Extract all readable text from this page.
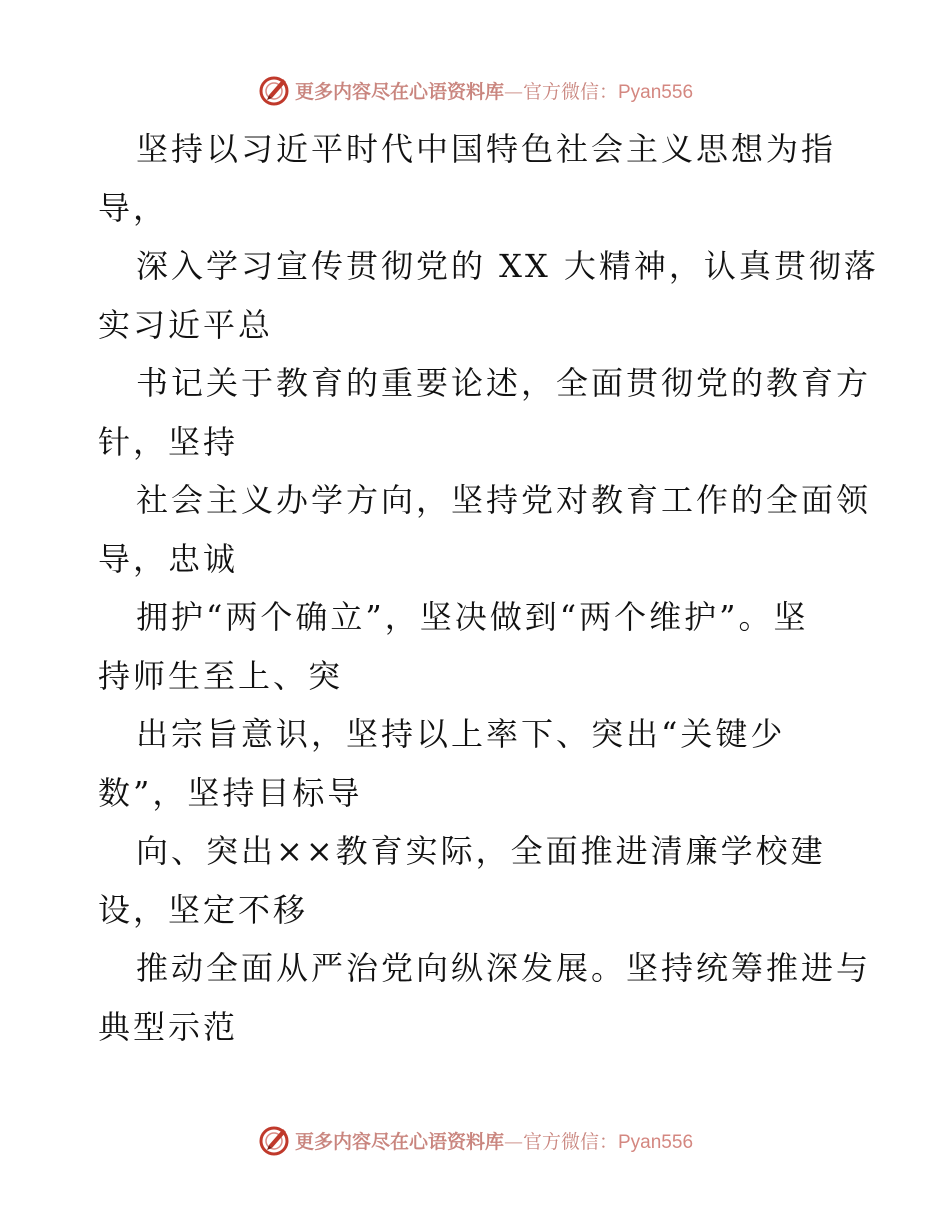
更多内容尽在心语资料库—官方微信：Pyan556
坚持以习近平时代中国特色社会主义思想为指
导，
深入学习宣传贯彻党的 XX 大精神，认真贯彻落
实习近平总
书记关于教育的重要论述，全面贯彻党的教育方
针，坚持
社会主义办学方向，坚持党对教育工作的全面领
导，忠诚
拥护“两个确立”，坚决做到“两个维护”。坚
持师生至上、突
出宗旨意识，坚持以上率下、突出“关键少
数”，坚持目标导
向、突出××教育实际，全面推进清廉学校建
设，坚定不移
推动全面从严治党向纵深发展。坚持统筹推进与
典型示范
更多内容尽在心语资料库—官方微信：Pyan556
